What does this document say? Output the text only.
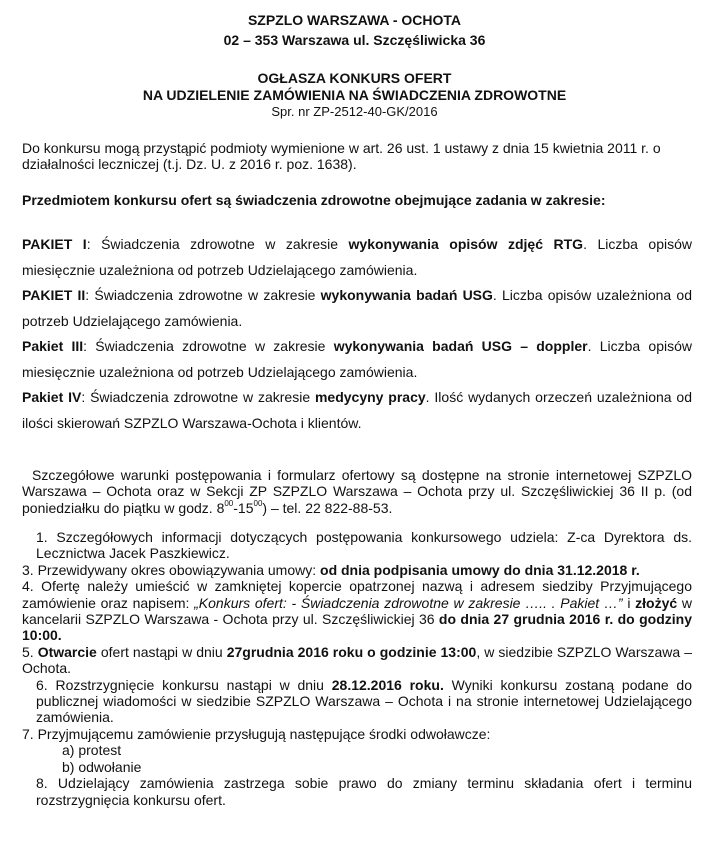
SZPZLO WARSZAWA - OCHOTA
02 – 353 Warszawa ul. Szczęśliwicka 36
OGŁASZA KONKURS OFERT
NA UDZIELENIE ZAMÓWIENIA NA ŚWIADCZENIA ZDROWOTNE
Spr. nr ZP-2512-40-GK/2016

Do konkursu mogą przystąpić podmioty wymienione w art. 26 ust. 1 ustawy z dnia 15 kwietnia 2011 r. o działalności leczniczej (t.j. Dz. U. z 2016 r. poz. 1638).

Przedmiotem konkursu ofert są świadczenia zdrowotne obejmujące zadania w zakresie:

PAKIET I: Świadczenia zdrowotne w zakresie wykonywania opisów zdjęć RTG. Liczba opisów miesięcznie uzależniona od potrzeb Udzielającego zamówienia.
PAKIET II: Świadczenia zdrowotne w zakresie wykonywania badań USG. Liczba opisów uzależniona od potrzeb Udzielającego zamówienia.
Pakiet III: Świadczenia zdrowotne w zakresie wykonywania badań USG – doppler. Liczba opisów miesięcznie uzależniona od potrzeb Udzielającego zamówienia.
Pakiet IV: Świadczenia zdrowotne w zakresie medycyny pracy. Ilość wydanych orzeczeń uzależniona od ilości skierowań SZPZLO Warszawa-Ochota i klientów.

Szczegółowe warunki postępowania i formularz ofertowy są dostępne na stronie internetowej SZPZLO Warszawa – Ochota oraz w Sekcji ZP SZPZLO Warszawa – Ochota przy ul. Szczęśliwickiej 36 II p. (od poniedziałku do piątku w godz. $8^{00}-15^{00}$) – tel. 22 822-88-53.

1. Szczegółowych informacji dotyczących postępowania konkursowego udziela: Z-ca Dyrektora ds. Lecznictwa Jacek Paszkiewicz.
3. Przewidywany okres obowiązywania umowy: od dnia podpisania umowy do dnia 31.12.2018 r.
4. Ofertę należy umieścić w zamkniętej kopercie opatrzonej nazwą i adresem siedziby Przyjmującego zamówienie oraz napisem: „Konkurs ofert: - Świadczenia zdrowotne w zakresie ….. . Pakiet …” i złożyć w kancelarii SZPZLO Warszawa - Ochota przy ul. Szczęśliwickiej 36 do dnia 27 grudnia 2016 r. do godziny 10:00.
5. Otwarcie ofert nastąpi w dniu 27grudnia 2016 roku o godzinie 13:00, w siedzibie SZPZLO Warszawa – Ochota.
6. Rozstrzygnięcie konkursu nastąpi w dniu 28.12.2016 roku. Wyniki konkursu zostaną podane do publicznej wiadomości w siedzibie SZPZLO Warszawa – Ochota i na stronie internetowej Udzielającego zamówienia.
7. Przyjmującemu zamówienie przysługują następujące środki odwoławcze:
a) protest
b) odwołanie
8. Udzielający zamówienia zastrzega sobie prawo do zmiany terminu składania ofert i terminu rozstrzygnięcia konkursu ofert.
